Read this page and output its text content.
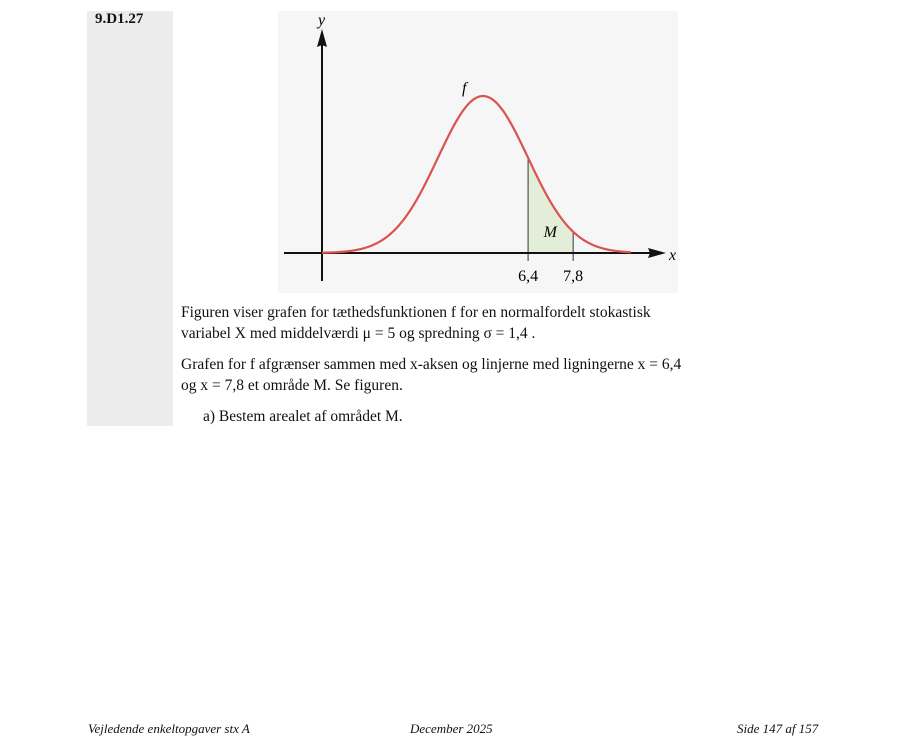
9.D1.27	y
x
f
M
6,4 7,8
Figuren viser grafen for tæthedsfunktionen f for en normalfordelt stokastisk
variabel X med middelværdi μ = 5 og spredning σ = 1,4 .
Grafen for f afgrænser sammen med x-aksen og linjerne med ligningerne x = 6,4
og x = 7,8 et område M. Se figuren.
a) Bestem arealet af området M.
Vejledende enkeltopgaver stx A	December 2025	Side 147 af 157
